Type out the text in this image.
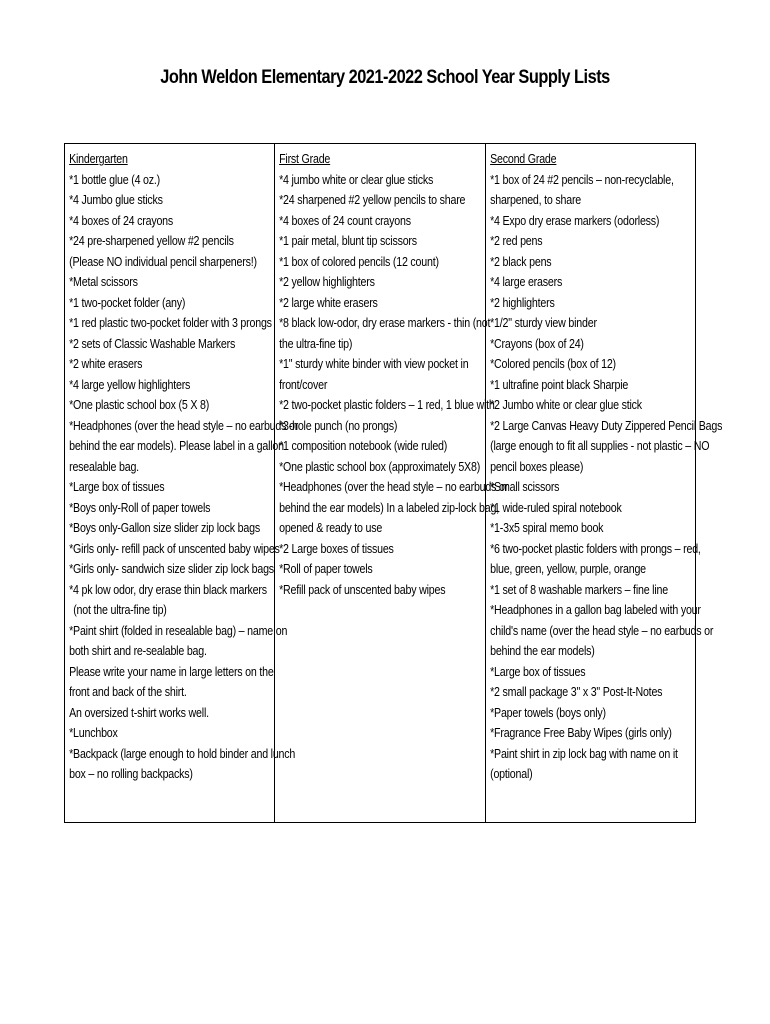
John Weldon Elementary 2021-2022 School Year Supply Lists
Kindergarten
*1 bottle glue (4 oz.)
*4 Jumbo glue sticks
*4 boxes of 24 crayons
*24 pre-sharpened yellow #2 pencils
(Please NO individual pencil sharpeners!)
*Metal scissors
*1 two-pocket folder (any)
*1 red plastic two-pocket folder with 3 prongs
*2 sets of Classic Washable Markers
*2 white erasers
*4 large yellow highlighters
*One plastic school box (5 X 8)
*Headphones (over the head style – no earbuds or
behind the ear models). Please label in a gallon
resealable bag.
*Large box of tissues
*Boys only-Roll of paper towels
*Boys only-Gallon size slider zip lock bags
*Girls only- refill pack of unscented baby wipes
*Girls only- sandwich size slider zip lock bags
*4 pk low odor, dry erase thin black markers
(not the ultra-fine tip)
*Paint shirt (folded in resealable bag) – name on
both shirt and re-sealable bag.
Please write your name in large letters on the
front and back of the shirt.
An oversized t-shirt works well.
*Lunchbox
*Backpack (large enough to hold binder and lunch
box – no rolling backpacks)

First Grade
*4 jumbo white or clear glue sticks
*24 sharpened #2 yellow pencils to share
*4 boxes of 24 count crayons
*1 pair metal, blunt tip scissors
*1 box of colored pencils (12 count)
*2 yellow highlighters
*2 large white erasers
*8 black low-odor, dry erase markers - thin (not
the ultra-fine tip)
*1" sturdy white binder with view pocket in
front/cover
*2 two-pocket plastic folders – 1 red, 1 blue with
*3-hole punch (no prongs)
*1 composition notebook (wide ruled)
*One plastic school box (approximately 5X8)
*Headphones (over the head style – no earbuds or
behind the ear models) In a labeled zip-lock bag,
opened & ready to use
*2 Large boxes of tissues
*Roll of paper towels
*Refill pack of unscented baby wipes

Second Grade
*1 box of 24 #2 pencils – non-recyclable,
sharpened, to share
*4 Expo dry erase markers (odorless)
*2 red pens
*2 black pens
*4 large erasers
*2 highlighters
*1/2" sturdy view binder
*Crayons (box of 24)
*Colored pencils (box of 12)
*1 ultrafine point black Sharpie
*2 Jumbo white or clear glue stick
*2 Large Canvas Heavy Duty Zippered Pencil Bags
(large enough to fit all supplies - not plastic – NO
pencil boxes please)
*Small scissors
*1 wide-ruled spiral notebook
*1-3x5 spiral memo book
*6 two-pocket plastic folders with prongs – red,
blue, green, yellow, purple, orange
*1 set of 8 washable markers – fine line
*Headphones in a gallon bag labeled with your
child's name (over the head style – no earbuds or
behind the ear models)
*Large box of tissues
*2 small package 3" x 3" Post-It-Notes
*Paper towels (boys only)
*Fragrance Free Baby Wipes (girls only)
*Paint shirt in zip lock bag with name on it
(optional)
